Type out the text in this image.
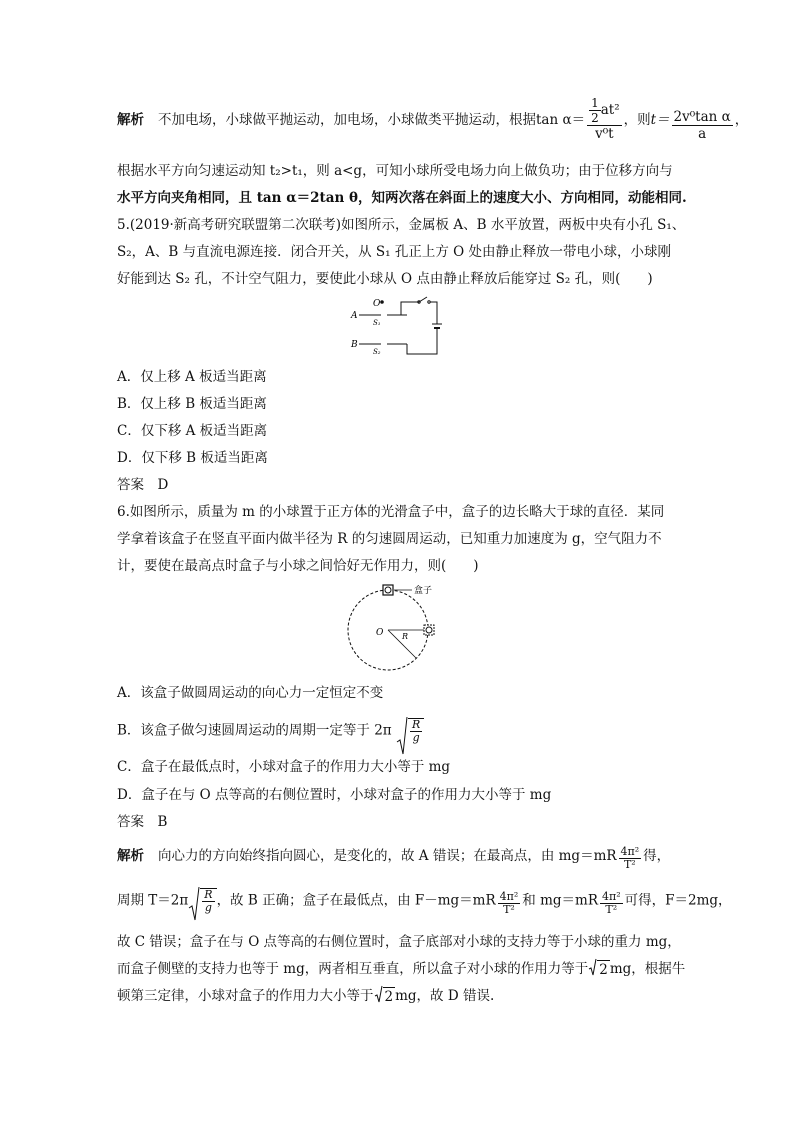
解析 不加电场，小球做平抛运动，加电场，小球做类平抛运动，根据$\tan \alpha= \frac{\frac{1}{2}at^2}{\text{v⁰t}}$ ，则$t= \frac{\text{2v⁰tan α}}{a}$ ，
根据水平方向匀速运动知 t₂>t₁，则 a<g，可知小球所受电场力向上做负功；由于位移方向与
水平方向夹角相同，且 tan α＝2tan θ，知两次落在斜面上的速度大小、方向相同，动能相同.
5.(2019·新高考研究联盟第二次联考)如图所示，金属板 A、B 水平放置，两板中央有小孔 S₁、
S₂，A、B 与直流电源连接．闭合开关，从 S₁ 孔正上方 O 处由静止释放一带电小球，小球刚
好能到达 S₂ 孔，不计空气阻力，要使此小球从 O 点由静止释放后能穿过 S₂ 孔，则(　　)
O
A
S₁
B
S₂
A．仅上移 A 板适当距离
B．仅上移 B 板适当距离
C．仅下移 A 板适当距离
D．仅下移 B 板适当距离
答案　D
6.如图所示，质量为 m 的小球置于正方体的光滑盒子中，盒子的边长略大于球的直径．某同
学拿着该盒子在竖直平面内做半径为 R 的匀速圆周运动，已知重力加速度为 g，空气阻力不
计，要使在最高点时盒子与小球之间恰好无作用力，则(　　)
盒子
O R
A．该盒子做圆周运动的向心力一定恒定不变
B．该盒子做匀速圆周运动的周期一定等于 $2\pi \frac{R}{g}$
C．盒子在最低点时，小球对盒子的作用力大小等于 mg
D．盒子在与 O 点等高的右侧位置时，小球对盒子的作用力大小等于 mg
答案　B
解析 向心力的方向始终指向圆心，是变化的，故 A 错误；在最高点，由 $mg=mR \frac{\text{4π²}}{\text{T²}}$ 得，
周期 $T=2\pi \frac{R}{g}$ ，故 B 正确；盒子在最低点，由 $F-mg=mR \frac{\text{4π²}}{\text{T²}}$ 和 $mg=mR \frac{\text{4π²}}{\text{T²}}$ 可得，F＝2mg，
故 C 错误；盒子在与 O 点等高的右侧位置时，盒子底部对小球的支持力等于小球的重力 mg，
而盒子侧壁的支持力也等于 mg，两者相互垂直，所以盒子对小球的作用力等于 2 mg，根据牛
顿第三定律，小球对盒子的作用力大小等于 2 mg，故 D 错误.
